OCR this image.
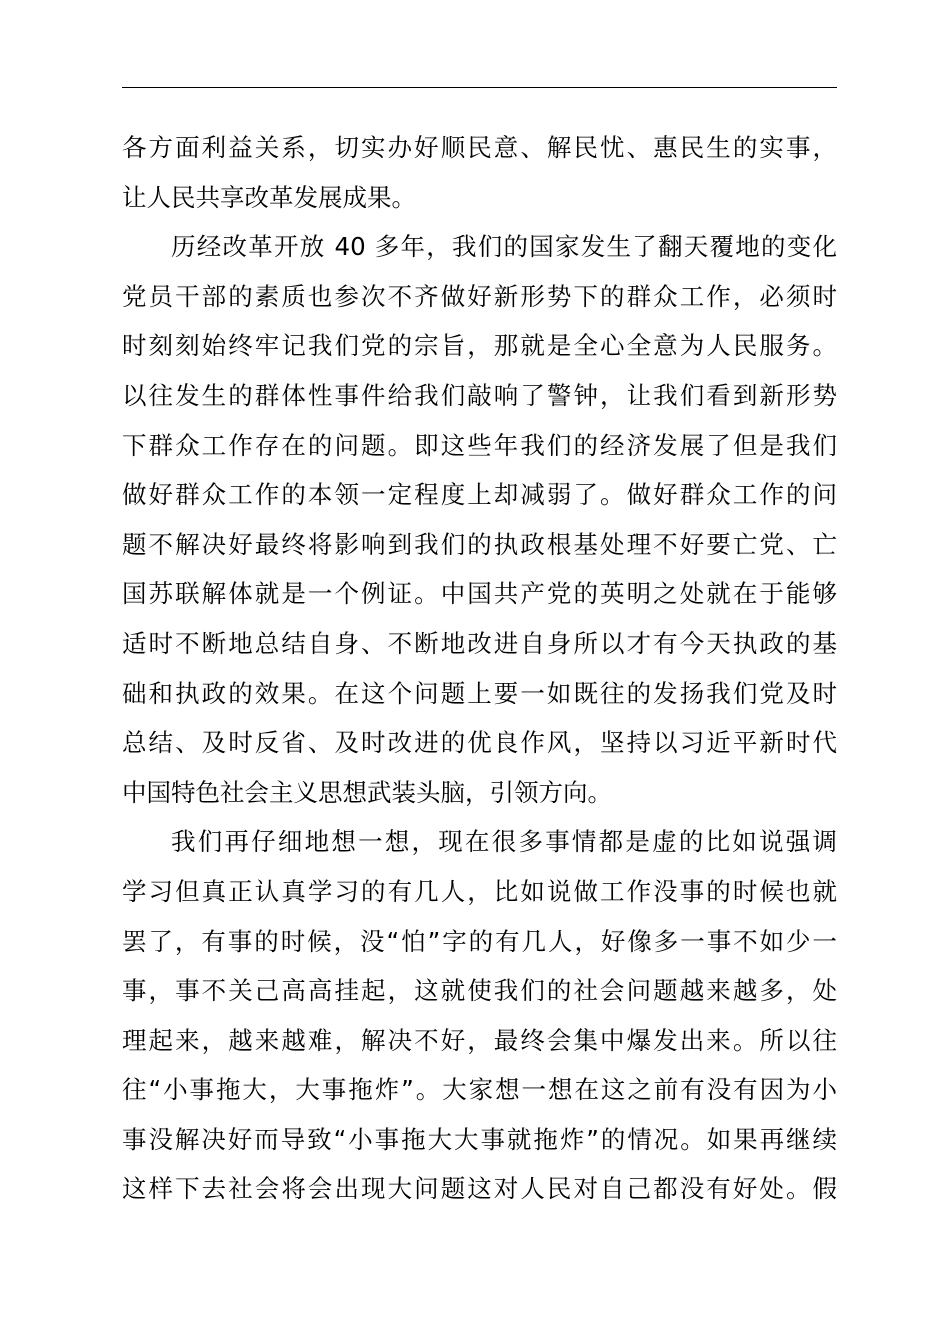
各方面利益关系，切实办好顺民意、解民忧、惠民生的实事，
让人民共享改革发展成果。
历经改革开放 40 多年，我们的国家发生了翻天覆地的变化
党员干部的素质也参次不齐做好新形势下的群众工作，必须时
时刻刻始终牢记我们党的宗旨，那就是全心全意为人民服务。
以往发生的群体性事件给我们敲响了警钟，让我们看到新形势
下群众工作存在的问题。即这些年我们的经济发展了但是我们
做好群众工作的本领一定程度上却减弱了。做好群众工作的问
题不解决好最终将影响到我们的执政根基处理不好要亡党、亡
国苏联解体就是一个例证。中国共产党的英明之处就在于能够
适时不断地总结自身、不断地改进自身所以才有今天执政的基
础和执政的效果。在这个问题上要一如既往的发扬我们党及时
总结、及时反省、及时改进的优良作风，坚持以习近平新时代
中国特色社会主义思想武装头脑，引领方向。
我们再仔细地想一想，现在很多事情都是虚的比如说强调
学习但真正认真学习的有几人，比如说做工作没事的时候也就
罢了，有事的时候，没“怕”字的有几人，好像多一事不如少一
事，事不关己高高挂起，这就使我们的社会问题越来越多，处
理起来，越来越难，解决不好，最终会集中爆发出来。所以往
往“小事拖大，大事拖炸”。大家想一想在这之前有没有因为小
事没解决好而导致“小事拖大大事就拖炸”的情况。如果再继续
这样下去社会将会出现大问题这对人民对自己都没有好处。假
